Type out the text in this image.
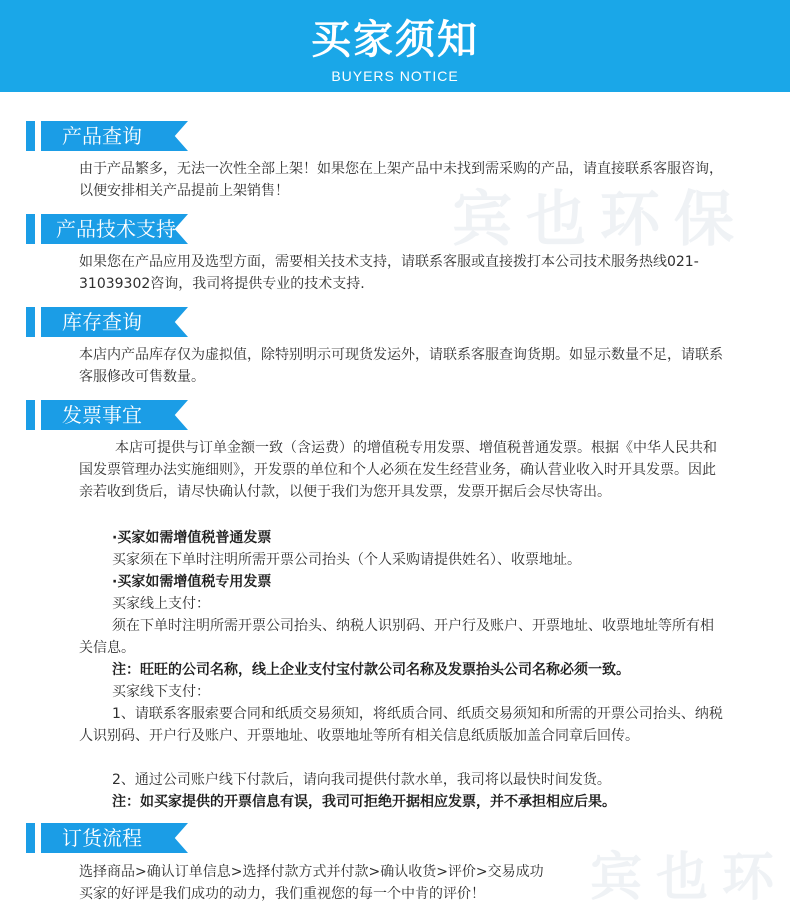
宾也环保
宾也环
买家须知
BUYERS NOTICE
产品查询
由于产品繁多，无法一次性全部上架！如果您在上架产品中未找到需采购的产品，请直接联系客服咨询，以便安排相关产品提前上架销售！
产品技术支持
如果您在产品应用及选型方面，需要相关技术支持，请联系客服或直接拨打本公司技术服务热线021-31039302咨询，我司将提供专业的技术支持.
库存查询
本店内产品库存仅为虚拟值，除特别明示可现货发运外，请联系客服查询货期。如显示数量不足，请联系客服修改可售数量。
发票事宜
本店可提供与订单金额一致（含运费）的增值税专用发票、增值税普通发票。根据《中华人民共和国发票管理办法实施细则》，开发票的单位和个人必须在发生经营业务，确认营业收入时开具发票。因此亲若收到货后，请尽快确认付款，以便于我们为您开具发票，发票开据后会尽快寄出。
·买家如需增值税普通发票
买家须在下单时注明所需开票公司抬头（个人采购请提供姓名）、收票地址。
·买家如需增值税专用发票
买家线上支付：
须在下单时注明所需开票公司抬头、纳税人识别码、开户行及账户、开票地址、收票地址等所有相关信息。
注：旺旺的公司名称，线上企业支付宝付款公司名称及发票抬头公司名称必须一致。
买家线下支付：
1、请联系客服索要合同和纸质交易须知，将纸质合同、纸质交易须知和所需的开票公司抬头、纳税人识别码、开户行及账户、开票地址、收票地址等所有相关信息纸质版加盖合同章后回传。
2、通过公司账户线下付款后，请向我司提供付款水单，我司将以最快时间发货。
注：如买家提供的开票信息有误，我司可拒绝开据相应发票，并不承担相应后果。
订货流程
选择商品>确认订单信息>选择付款方式并付款>确认收货>评价>交易成功
买家的好评是我们成功的动力，我们重视您的每一个中肯的评价！
